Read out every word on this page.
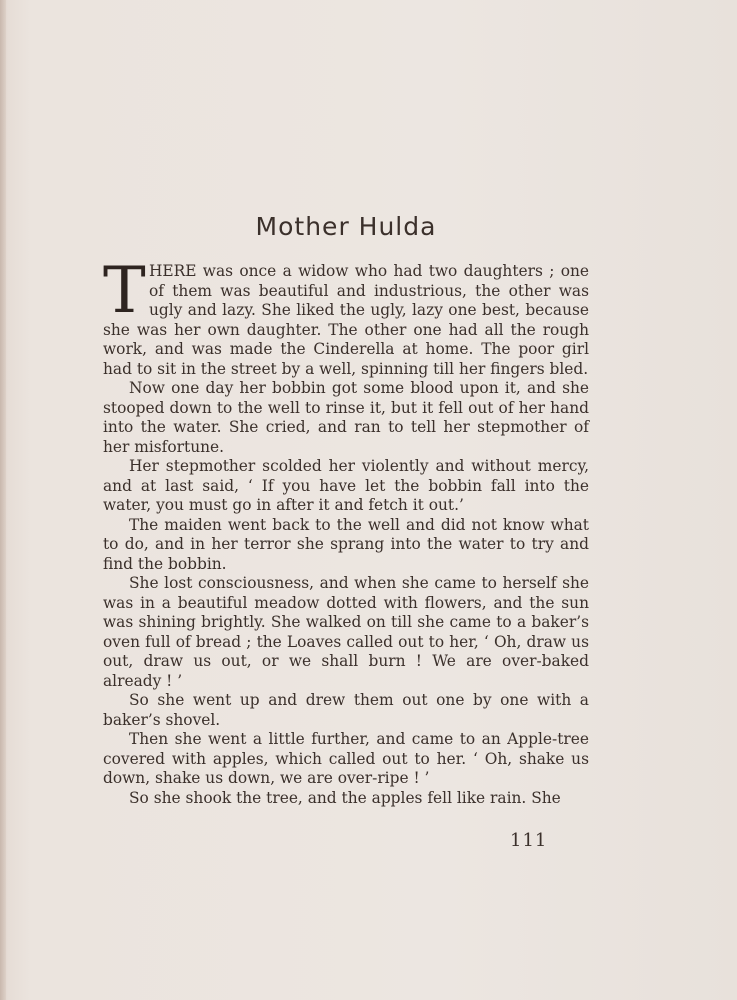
Mother Hulda

T HERE was once a widow who had two daughters ; one of them was beautiful and industrious, the other was ugly and lazy. She liked the ugly, lazy one best, because she was her own daughter. The other one had all the rough work, and was made the Cinderella at home. The poor girl had to sit in the street by a well, spinning till her fingers bled.

Now one day her bobbin got some blood upon it, and she stooped down to the well to rinse it, but it fell out of her hand into the water. She cried, and ran to tell her stepmother of her misfortune.

Her stepmother scolded her violently and without mercy, and at last said, ‘ If you have let the bobbin fall into the water, you must go in after it and fetch it out.’

The maiden went back to the well and did not know what to do, and in her terror she sprang into the water to try and find the bobbin.

She lost consciousness, and when she came to herself she was in a beautiful meadow dotted with flowers, and the sun was shining brightly. She walked on till she came to a baker’s oven full of bread ; the Loaves called out to her, ‘ Oh, draw us out, draw us out, or we shall burn ! We are over-baked already ! ’

So she went up and drew them out one by one with a baker’s shovel.

Then she went a little further, and came to an Apple-tree covered with apples, which called out to her. ‘ Oh, shake us down, shake us down, we are over-ripe ! ’

So she shook the tree, and the apples fell like rain. She

111
